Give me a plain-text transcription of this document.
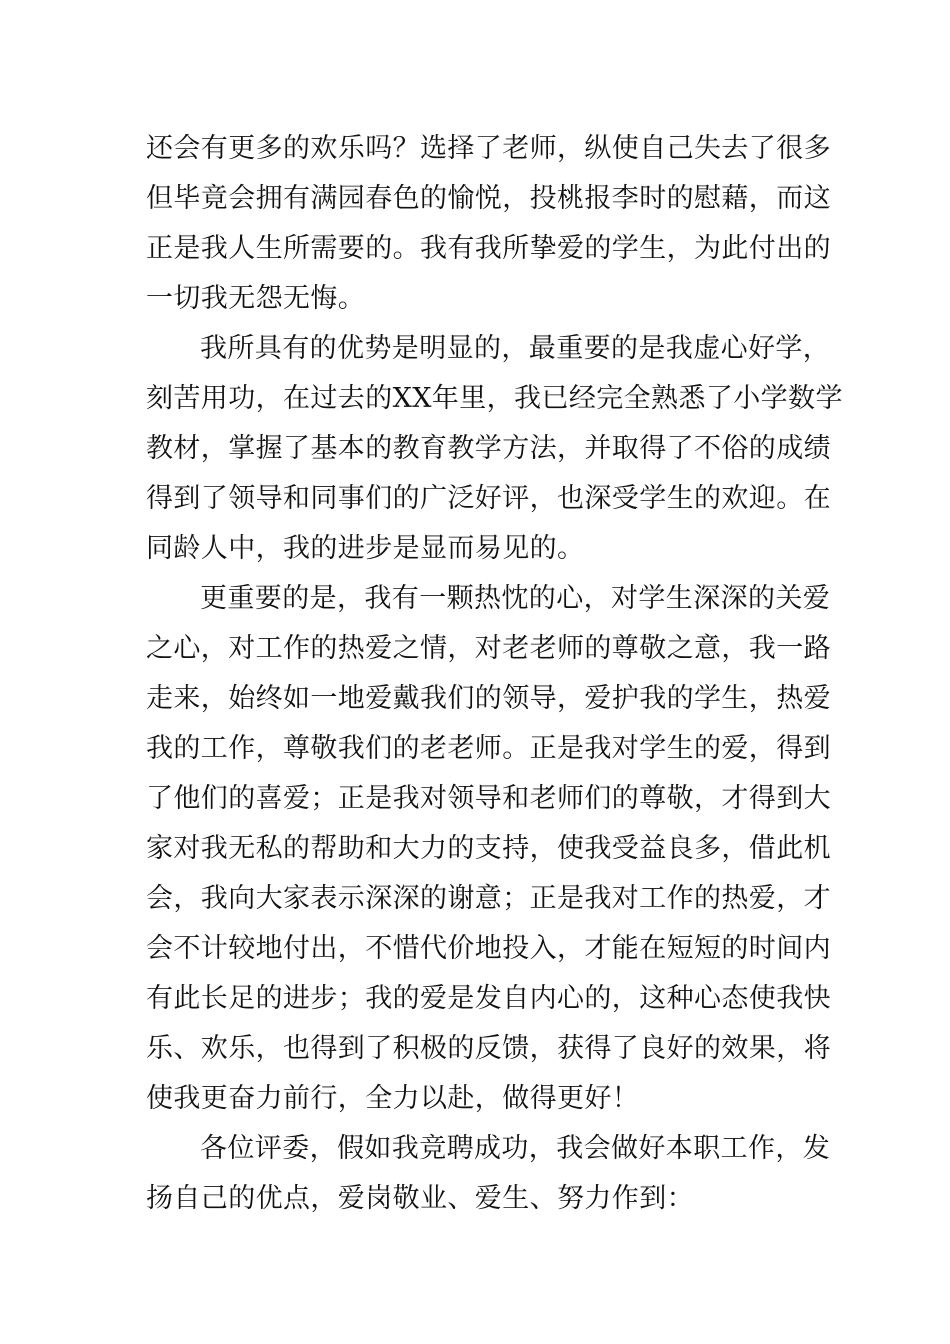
还会有更多的欢乐吗？选择了老师，纵使自己失去了很多
但毕竟会拥有满园春色的愉悦，投桃报李时的慰藉，而这
正是我人生所需要的。我有我所挚爱的学生，为此付出的
一切我无怨无悔。
我所具有的优势是明显的，最重要的是我虚心好学，
刻苦用功，在过去的XX年里，我已经完全熟悉了小学数学
教材，掌握了基本的教育教学方法，并取得了不俗的成绩
得到了领导和同事们的广泛好评，也深受学生的欢迎。在
同龄人中，我的进步是显而易见的。
更重要的是，我有一颗热忱的心，对学生深深的关爱
之心，对工作的热爱之情，对老老师的尊敬之意，我一路
走来，始终如一地爱戴我们的领导，爱护我的学生，热爱
我的工作，尊敬我们的老老师。正是我对学生的爱，得到
了他们的喜爱；正是我对领导和老师们的尊敬，才得到大
家对我无私的帮助和大力的支持，使我受益良多，借此机
会，我向大家表示深深的谢意；正是我对工作的热爱，才
会不计较地付出，不惜代价地投入，才能在短短的时间内
有此长足的进步；我的爱是发自内心的，这种心态使我快
乐、欢乐，也得到了积极的反馈，获得了良好的效果，将
使我更奋力前行，全力以赴，做得更好！
各位评委，假如我竞聘成功，我会做好本职工作，发
扬自己的优点，爱岗敬业、爱生、努力作到：
